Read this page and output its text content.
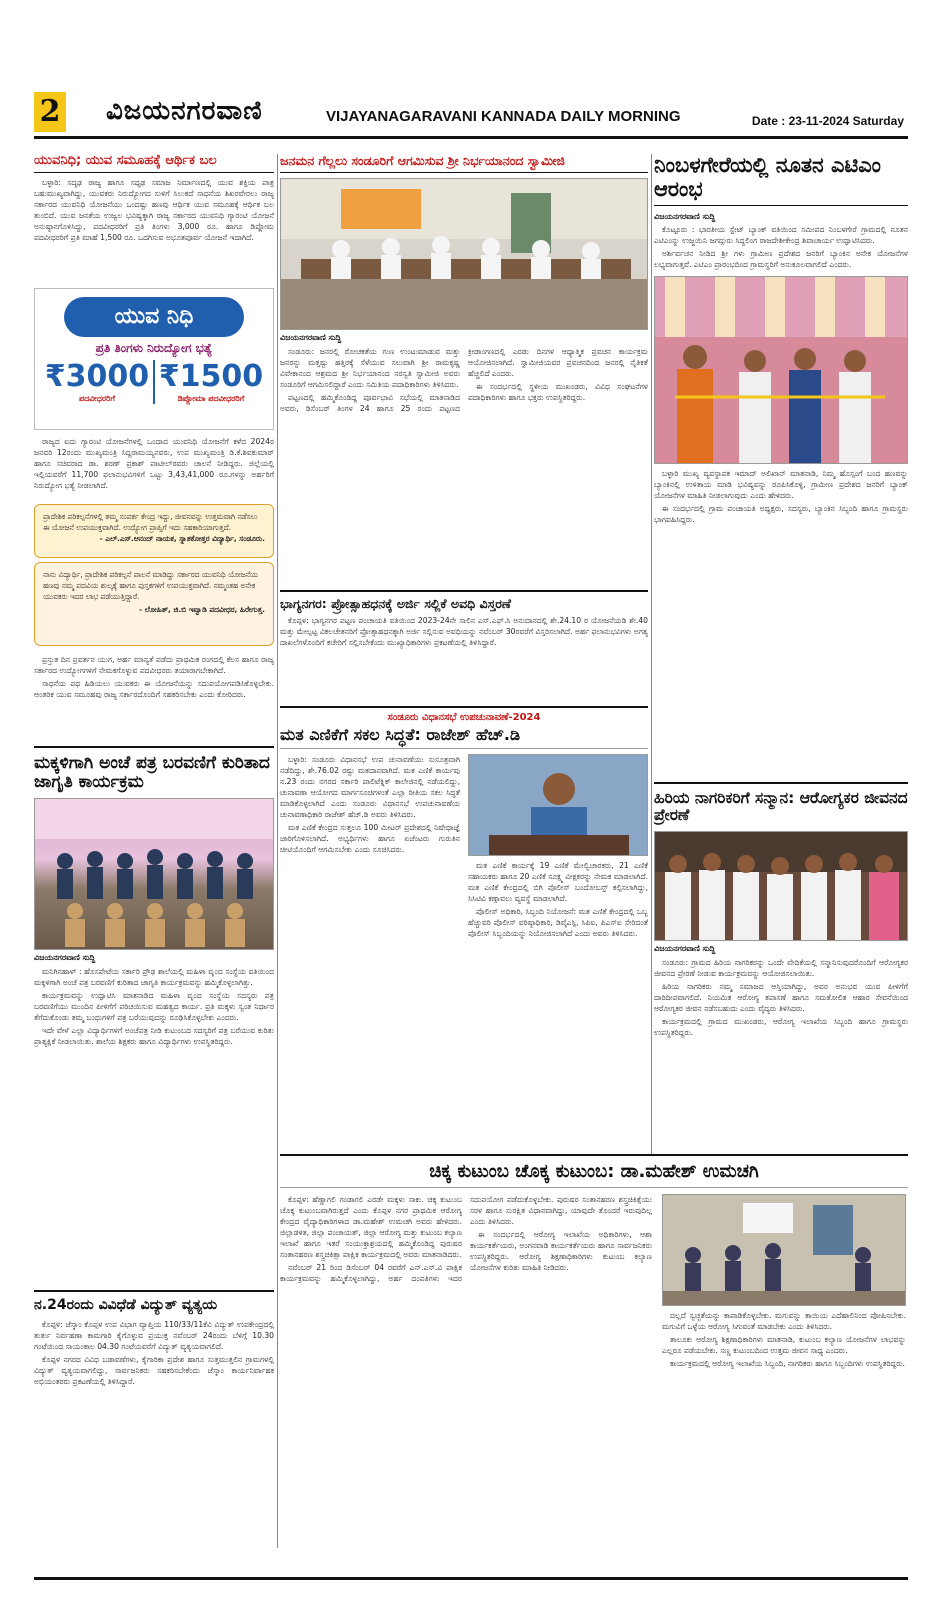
2 ವಿಜಯನಗರವಾಣಿ	VIJAYANAGARAVANI KANNADA DAILY MORNING	Date : 23-11-2024 Saturday
ಯುವನಿಧಿ; ಯುವ ಸಮೂಹಕ್ಕೆ ಆರ್ಥಿಕ ಬಲ

ಬಳ್ಳಾರಿ: ಸದೃಢ ರಾಜ್ಯ ಹಾಗೂ ಸಧೃಢ ಸಮಾಜ ನಿರ್ಮಾಣದಲ್ಲಿ ಯುವ ಶಕ್ತಿಯ ಪಾತ್ರ ಬಹುಮುಖ್ಯವಾಗಿದ್ದು, ಯುವಕರು ನಿರುದ್ಯೋಗದ ಸುಳಿಗೆ ಸಿಲುಕದೆ ಸಾಧನೆಯ ಶಿಖರವೇರಲು ರಾಜ್ಯ ಸರ್ಕಾರದ ಯುವನಿಧಿ ಯೋಜನೆಯು ಒಂದಷ್ಟು ಹಣವು ಆರ್ಥಿಕ ಯುವ ಸಮೂಹಕ್ಕೆ ಆರ್ಥಿಕ ಬಲ ತುಂಬಿದೆ. ಯುವ ಜನತೆಯ ಉಜ್ವಲ ಭವಿಷ್ಯಕ್ಕಾಗಿ ರಾಜ್ಯ ಸರ್ಕಾರದ ಯುವನಿಧಿ ಗ್ಯಾರಂಟಿ ಯೋಜನೆ ಅನುಷ್ಠಾನಗೊಳಿಸಿದ್ದು, ಪದವೀಧರರಿಗೆ ಪ್ರತಿ ತಿಂಗಳು 3,000 ರೂ. ಹಾಗೂ ಡಿಪ್ಲೋಮ ಪದವೀಧರರಿಗೆ ಪ್ರತಿ ಮಾಹೆ 1,500 ರೂ. ಒದಗಿಸುವ ಅಭೂತಪೂರ್ವ ಯೋಜನೆ ಇದಾಗಿದೆ.

ಯುವ ನಿಧಿ
ಪ್ರತಿ ತಿಂಗಳು ನಿರುದ್ಯೋಗ ಭತ್ಯೆ
₹3000
ಪದವೀಧರರಿಗೆ
₹1500
ಡಿಪ್ಲೋಮಾ ಪದವೀಧರರಿಗೆ

ರಾಜ್ಯದ ಐದು ಗ್ಯಾರಂಟಿ ಯೋಜನೆಗಳಲ್ಲಿ ಒಂದಾದ ಯುವನಿಧಿ ಯೋಜನೆಗೆ ಕಳೆದ 2024ರ ಜನವರಿ 12ರಂದು ಮುಖ್ಯಮಂತ್ರಿ ಸಿದ್ದರಾಮಯ್ಯನವರು, ಉಪ ಮುಖ್ಯಮಂತ್ರಿ ಡಿ.ಕೆ.ಶಿವಕುಮಾರ್ ಹಾಗೂ ಸಚಿವರಾದ ಡಾ. ಶರಣ್ ಪ್ರಕಾಶ್ ಪಾಟೀಲ್‌ರವರು ಚಾಲನೆ ನೀಡಿದ್ದರು. ಜಿಲ್ಲೆಯಲ್ಲಿ ಇಲ್ಲಿಯವರೆಗೆ 11,700 ಫಲಾನುಭವಿಗಳಿಗೆ ಒಟ್ಟು 3,43,41,000 ರೂ.ಗಳನ್ನು ಅರ್ಹರಿಗೆ ನಿರುದ್ಯೋಗ ಭತ್ಯೆ ನೀಡಲಾಗಿದೆ.

ಪ್ರಾದೇಶಿಕ ಪರಿಕಲ್ಪನೆಗಳಲ್ಲಿ ತಮ್ಮ ಸಂಪರ್ಕ ಕೇಂದ್ರ ಇದ್ದು, ಜೀವನವನ್ನು ಉತ್ತಮವಾಗಿ ನಡೆಸಲು ಈ ಯೋಜನೆ ಉಪಯುಕ್ತವಾಗಿದೆ. ಉದ್ಯೋಗ ಪ್ರಾಪ್ತಿಗೆ ಇದು ಸಹಕಾರಿಯಾಗುತ್ತದೆ.
- ಎಲ್.ಎಸ್.ಆನಂದ್ ನಾಯಕ, ಸ್ನಾತಕೋತ್ತರ ವಿದ್ಯಾರ್ಥಿ, ಸಂಡೂರು.
ನಾನು ವಿದ್ಯಾರ್ಥಿ, ಪ್ರಾದೇಶಿಕ ಪರಿಕಲ್ಪನೆ ಪಾಲನೆ ಮಾಡಿದ್ದು ಸರ್ಕಾರದ ಯುವನಿಧಿ ಯೋಜನೆಯ ಹಣವು ನಮ್ಮ ಪದವಿಯ ಶುಲ್ಕಕ್ಕೆ ಹಾಗೂ ಪುಸ್ತಕಗಳಿಗೆ ಉಪಯುಕ್ತವಾಗಿದೆ. ನಮ್ಮಂತಹ ಅನೇಕ ಯುವಕರು ಇದರ ಲಾಭ ಪಡೆಯುತ್ತಿದ್ದಾರೆ.
- ಲೋಹಿತ್, ಜಿ.ಬಿ ಇವ್ವಾಡಿ ಪದವೀಧರ, ಹಿರೇಗುತ್ತ.

ಪ್ರಸ್ತುತ ದಿನ ಪ್ರವರ್ತನ ಯುಗ, ಅರ್ಹ ಮಾನ್ಯತೆ ಪಡೆದು ಪ್ರಾಥಮಿಕ ರಂಗದಲ್ಲಿ ಕೆಲಸ ಹಾಗೂ ರಾಜ್ಯ ಸರ್ಕಾರದ ಉದ್ಯೋಗಗಳಿಗೆ ನೇಮಕಗೊಳ್ಳುವ ಪದವೀಧರರು ತಯಾರಾಗಬೇಕಾಗಿದೆ.

ಸಾಧನೆಯ ಪಥ ಹಿಡಿಯಲು ಯುವಕರು ಈ ಯೋಜನೆಯನ್ನು ಸದುಪಯೋಗಪಡಿಸಿಕೊಳ್ಳಬೇಕು. ಆಂತರಿಕ ಯುವ ಸಮೂಹವು ರಾಜ್ಯ ಸರ್ಕಾರದೊಂದಿಗೆ ಸಹಕರಿಸಬೇಕು ಎಂದು ಕೋರಿದರು.

ಮಕ್ಕಳಿಗಾಗಿ ಅಂಚೆ ಪತ್ರ ಬರವಣಿಗೆ ಕುರಿತಾದ ಜಾಗೃತಿ ಕಾರ್ಯಕ್ರಮ
ವಿಜಯನಗರವಾಣಿ ಸುದ್ದಿ

ಮನಿಗಿನಹಾಳ್ : ಹೊಸಪೇಟೆಯ ಸರ್ಕಾರಿ ಪ್ರೌಢ ಶಾಲೆಯಲ್ಲಿ ಮಹಿಳಾ ವೃಂದ ಸಂಸ್ಥೆಯ ವತಿಯಿಂದ ಮಕ್ಕಳಿಗಾಗಿ ಅಂಚೆ ಪತ್ರ ಬರವಣಿಗೆ ಕುರಿತಾದ ಜಾಗೃತಿ ಕಾರ್ಯಕ್ರಮವನ್ನು ಹಮ್ಮಿಕೊಳ್ಳಲಾಗಿತ್ತು.

ಕಾರ್ಯಕ್ರಮವನ್ನು ಉದ್ಘಾಟಿಸಿ ಮಾತನಾಡಿದ ಮಹಿಳಾ ವೃಂದ ಸಂಸ್ಥೆಯ ಸದಸ್ಯರು ಪತ್ರ ಬರವಣಿಗೆಯು ಮುಂದಿನ ಪೀಳಿಗೆಗೆ ಪರಿಚಯಿಸುವ ಮಹತ್ವದ ಕಾರ್ಯ. ಪ್ರತಿ ಮಕ್ಕಳು ಸ್ವಂತ ನಿರ್ಧಾರ ತೆಗೆದುಕೊಂಡು ತಮ್ಮ ಬಂಧುಗಳಿಗೆ ಪತ್ರ ಬರೆಯುವುದನ್ನು ರೂಢಿಸಿಕೊಳ್ಳಬೇಕು ಎಂದರು.

ಇದೇ ವೇಳೆ ಎಲ್ಲಾ ವಿದ್ಯಾರ್ಥಿಗಳಿಗೆ ಅಂಚೆಪತ್ರ ನೀಡಿ ಕುಟುಂಬದ ಸದಸ್ಯರಿಗೆ ಪತ್ರ ಬರೆಯುವ ಕುರಿತು ಪ್ರಾತ್ಯಕ್ಷಿಕೆ ನೀಡಲಾಯಿತು. ಶಾಲೆಯ ಶಿಕ್ಷಕರು ಹಾಗೂ ವಿದ್ಯಾರ್ಥಿಗಳು ಉಪಸ್ಥಿತರಿದ್ದರು.

ನ.24ರಂದು ವಿವಿಧೆಡೆ ವಿದ್ಯುತ್ ವ್ಯತ್ಯಯ

ಕೊಪ್ಪಳ: ಜೆಸ್ಕಾಂ ಕೊಪ್ಪಳ ಉಪ ವಿಭಾಗ ವ್ಯಾಪ್ತಿಯ 110/33/11ಕೆವಿ ವಿದ್ಯುತ್ ಉಪಕೇಂದ್ರದಲ್ಲಿ ತುರ್ತು ನಿರ್ವಹಣಾ ಕಾಮಗಾರಿ ಕೈಗೊಳ್ಳುವ ಪ್ರಯುಕ್ತ ನವೆಂಬರ್ 24ರಂದು ಬೆಳಿಗ್ಗೆ 10.30 ಗಂಟೆಯಿಂದ ಸಾಯಂಕಾಲ 04.30 ಗಂಟೆಯವರೆಗೆ ವಿದ್ಯುತ್ ವ್ಯತ್ಯಯವಾಗಲಿದೆ.

ಕೊಪ್ಪಳ ನಗರದ ವಿವಿಧ ಬಡಾವಣೆಗಳು, ಕೈಗಾರಿಕಾ ಪ್ರದೇಶ ಹಾಗೂ ಸುತ್ತಮುತ್ತಲಿನ ಗ್ರಾಮಗಳಲ್ಲಿ ವಿದ್ಯುತ್ ವ್ಯತ್ಯಯವಾಗಲಿದ್ದು, ಸಾರ್ವಜನಿಕರು ಸಹಕರಿಸಬೇಕೆಂದು ಜೆಸ್ಕಾಂ ಕಾರ್ಯನಿರ್ವಾಹಕ ಅಭಿಯಂತರರು ಪ್ರಕಟಣೆಯಲ್ಲಿ ತಿಳಿಸಿದ್ದಾರೆ.

ಜನಮನ ಗೆಲ್ಲಲು ಸಂಡೂರಿಗೆ ಆಗಮಿಸುವ ಶ್ರೀ ನಿರ್ಭಯಾನಂದ ಸ್ವಾಮೀಜಿ
ವಿಜಯನಗರವಾಣಿ ಸುದ್ದಿ

ಸಂಡೂರು: ಜನರಲ್ಲಿ ರೋಚಕತೆಯ ಗುಣ ಉಂಟುಮಾಡುವ ಮತ್ತು ಜನರನ್ನು ಮತ್ತಷ್ಟು ಹತ್ತಿರಕ್ಕೆ ಸೆಳೆಯುವ ಸಲುವಾಗಿ ಶ್ರೀ ರಾಮಕೃಷ್ಣ ವಿವೇಕಾನಂದ ಆಶ್ರಮದ ಶ್ರೀ ನಿರ್ಭಯಾನಂದ ಸರಸ್ವತಿ ಸ್ವಾಮೀಜಿ ಅವರು ಸಂಡೂರಿಗೆ ಆಗಮಿಸಲಿದ್ದಾರೆ ಎಂದು ಸಮಿತಿಯ ಪದಾಧಿಕಾರಿಗಳು ತಿಳಿಸಿದರು.

ಪಟ್ಟಣದಲ್ಲಿ ಹಮ್ಮಿಕೊಂಡಿದ್ದ ಪೂರ್ವಭಾವಿ ಸಭೆಯಲ್ಲಿ ಮಾತನಾಡಿದ ಅವರು, ಡಿಸೆಂಬರ್ ತಿಂಗಳ 24 ಹಾಗೂ 25 ರಂದು ಪಟ್ಟಣದ ಕ್ರೀಡಾಂಗಣದಲ್ಲಿ ಎರಡು ದಿನಗಳ ಆಧ್ಯಾತ್ಮಿಕ ಪ್ರವಚನ ಕಾರ್ಯಕ್ರಮ ಆಯೋಜಿಸಲಾಗಿದೆ. ಸ್ವಾಮೀಜಿಯವರ ಪ್ರವಚನದಿಂದ ಜನರಲ್ಲಿ ನೈತಿಕತೆ ಹೆಚ್ಚಲಿದೆ ಎಂದರು.

ಈ ಸಂದರ್ಭದಲ್ಲಿ ಸ್ಥಳೀಯ ಮುಖಂಡರು, ವಿವಿಧ ಸಂಘಟನೆಗಳ ಪದಾಧಿಕಾರಿಗಳು ಹಾಗೂ ಭಕ್ತರು ಉಪಸ್ಥಿತರಿದ್ದರು.

ಭಾಗ್ಯನಗರ: ಪ್ರೋತ್ಸಾಹಧನಕ್ಕೆ ಅರ್ಜಿ ಸಲ್ಲಿಕೆ ಅವಧಿ ವಿಸ್ತರಣೆ

ಕೊಪ್ಪಳ: ಭಾಗ್ಯನಗರ ಪಟ್ಟಣ ಪಂಚಾಯತಿ ವತಿಯಿಂದ 2023-24ನೇ ಸಾಲಿನ ಎಸ್.ಎಫ್.ಸಿ ಅನುದಾನದಲ್ಲಿ ಶೇ.24.10 ರ ಯೋಜನೆಯಡಿ ಶೇ.40 ಮತ್ತು ಮೇಲ್ಪಟ್ಟ ವಿಕಲಚೇತನರಿಗೆ ಪ್ರೋತ್ಸಾಹಧನಕ್ಕಾಗಿ ಅರ್ಜಿ ಸಲ್ಲಿಸುವ ಅವಧಿಯನ್ನು ನವೆಂಬರ್ 30ರವರೆಗೆ ವಿಸ್ತರಿಸಲಾಗಿದೆ. ಅರ್ಹ ಫಲಾನುಭವಿಗಳು ಅಗತ್ಯ ದಾಖಲೆಗಳೊಂದಿಗೆ ಕಚೇರಿಗೆ ಸಲ್ಲಿಸಬೇಕೆಂದು ಮುಖ್ಯಾಧಿಕಾರಿಗಳು ಪ್ರಕಟಣೆಯಲ್ಲಿ ತಿಳಿಸಿದ್ದಾರೆ.

ಸಂಡೂರು ವಿಧಾನಸಭೆ ಉಪಚುನಾವಣೆ-2024
ಮತ ಎಣಿಕೆಗೆ ಸಕಲ ಸಿದ್ಧತೆ: ರಾಜೇಶ್ ಹೆಚ್.ಡಿ

ಬಳ್ಳಾರಿ: ಸಂಡೂರು ವಿಧಾನಸಭೆ ಉಪ ಚುನಾವಣೆಯು ಸುಸೂತ್ರವಾಗಿ ನಡೆದಿದ್ದು, ಶೇ.76.02 ರಷ್ಟು ಮತದಾನವಾಗಿದೆ. ಮತ ಎಣಿಕೆ ಕಾರ್ಯವು ನ.23 ರಂದು ನಗರದ ಸರ್ಕಾರಿ ಪಾಲಿಟೆಕ್ನಿಕ್ ಕಾಲೇಜಿನಲ್ಲಿ ನಡೆಯಲಿದ್ದು, ಚುನಾವಣಾ ಆಯೋಗದ ಮಾರ್ಗಸೂಚಿಗಳಂತೆ ಎಲ್ಲಾ ರೀತಿಯ ಸಕಲ ಸಿದ್ಧತೆ ಮಾಡಿಕೊಳ್ಳಲಾಗಿದೆ ಎಂದು ಸಂಡೂರು ವಿಧಾನಸಭೆ ಉಪಚುನಾವಣೆಯ ಚುನಾವಣಾಧಿಕಾರಿ ರಾಜೇಶ್ ಹೆಚ್.ಡಿ ಅವರು ತಿಳಿಸಿದರು.

ಮತ ಎಣಿಕೆ ಕೇಂದ್ರದ ಸುತ್ತಲೂ 100 ಮೀಟರ್ ಪ್ರದೇಶದಲ್ಲಿ ನಿಷೇಧಾಜ್ಞೆ ಜಾರಿಗೊಳಿಸಲಾಗಿದೆ. ಅಭ್ಯರ್ಥಿಗಳು ಹಾಗೂ ಏಜೆಂಟರು ಗುರುತಿನ ಚೀಟಿಯೊಂದಿಗೆ ಆಗಮಿಸಬೇಕು ಎಂದು ಸೂಚಿಸಿದರು.

ಮತ ಎಣಿಕೆ ಕಾರ್ಯಕ್ಕೆ 19 ಎಣಿಕೆ ಮೇಲ್ವಿಚಾರಕರು, 21 ಎಣಿಕೆ ಸಹಾಯಕರು ಹಾಗೂ 20 ಎಣಿಕೆ ಸೂಕ್ಷ್ಮ ವೀಕ್ಷಕರನ್ನು ನೇಮಕ ಮಾಡಲಾಗಿದೆ. ಮತ ಎಣಿಕೆ ಕೇಂದ್ರದಲ್ಲಿ ಬಿಗಿ ಪೊಲೀಸ್ ಬಂದೋಬಸ್ತ್ ಕಲ್ಪಿಸಲಾಗಿದ್ದು, ಸಿಸಿಟಿವಿ ಕಣ್ಗಾವಲು ವ್ಯವಸ್ಥೆ ಮಾಡಲಾಗಿದೆ.

ಪೊಲೀಸ್ ಅಧಿಕಾರಿ, ಸಿಬ್ಬಂದಿ ನಿಯೋಜನೆ: ಮತ ಎಣಿಕೆ ಕೇಂದ್ರದಲ್ಲಿ ಒಬ್ಬ ಹೆಚ್ಚುವರಿ ಪೊಲೀಸ್ ವರಿಷ್ಠಾಧಿಕಾರಿ, ಡಿವೈಎಸ್ಪಿ, ಸಿಪಿಐ, ಪಿಎಸ್ಐ ಸೇರಿದಂತೆ ಪೊಲೀಸ್ ಸಿಬ್ಬಂದಿಯನ್ನು ನಿಯೋಜಿಸಲಾಗಿದೆ ಎಂದು ಅವರು ತಿಳಿಸಿದರು.

ನಿಂಬಳಗೇರೆಯಲ್ಲಿ ನೂತನ ಎಟಿಎಂ ಆರಂಭ
ವಿಜಯನಗರವಾಣಿ ಸುದ್ದಿ

ಕೊಟ್ಟೂರು : ಭಾರತೀಯ ಸ್ಟೇಟ್ ಬ್ಯಾಂಕ್ ವತಿಯಿಂದ ಸಮೀಪದ ನಿಂಬಳಗೇರೆ ಗ್ರಾಮದಲ್ಲಿ ನೂತನ ಎಟಿಎಂನ್ನು ಉಜ್ಜಯಿನಿ ಜಗದ್ಗುರು ಸಿದ್ಧಲಿಂಗ ರಾಜದೇಶೀಕೇಂದ್ರ ಶಿವಾಚಾರ್ಯ ಉದ್ಘಾಟಿಸಿದರು.

ಅರ್ಶಿರ್ವಚನ ನೀಡಿದ ಶ್ರೀ ಗಳು ಗ್ರಾಮೀಣ ಪ್ರದೇಶದ ಜನರಿಗೆ ಬ್ಯಾಂಕಿನ ಅನೇಕ ಯೋಜನೆಗಳ ಲಭ್ಯವಾಗುತ್ತವೆ. ಎಟಿಎಂ ಪ್ರಾರಂಭದಿಂದ ಗ್ರಾಮಸ್ಥರಿಗೆ ಅನುಕೂಲವಾಗಲಿದೆ ಎಂದರು.

ಬಳ್ಳಾರಿ ಮುಖ್ಯ ವ್ಯವಸ್ಥಾಪಕ ಇಮಾದ್ ಅಲಿಖಾನ್ ಮಾತನಾಡಿ, ನಿಮ್ಮ ಹೊಸ್ಸಂಗೆ ಬಂದ ಹಣವನ್ನು ಬ್ಯಾಂಕಿನಲ್ಲಿ ಉಳಿತಾಯ ಮಾಡಿ ಭವಿಷ್ಯವನ್ನು ರೂಪಿಸಿಕೊಳ್ಳಿ, ಗ್ರಾಮೀಣ ಪ್ರದೇಶದ ಜನರಿಗೆ ಬ್ಯಾಂಕ್ ಯೋಜನೆಗಳ ಮಾಹಿತಿ ನೀಡಲಾಗುವುದು ಎಂದು ಹೇಳಿದರು.

ಈ ಸಂದರ್ಭದಲ್ಲಿ ಗ್ರಾಮ ಪಂಚಾಯತಿ ಅಧ್ಯಕ್ಷರು, ಸದಸ್ಯರು, ಬ್ಯಾಂಕಿನ ಸಿಬ್ಬಂದಿ ಹಾಗೂ ಗ್ರಾಮಸ್ಥರು ಭಾಗವಹಿಸಿದ್ದರು.

ಹಿರಿಯ ನಾಗರಿಕರಿಗೆ ಸನ್ಮಾನ: ಆರೋಗ್ಯಕರ ಜೀವನದ ಪ್ರೇರಣೆ
ವಿಜಯನಗರವಾಣಿ ಸುದ್ದಿ

ಸಂಡೂರು: ಗ್ರಾಮದ ಹಿರಿಯ ನಾಗರಿಕರನ್ನು ಒಂದೇ ವೇದಿಕೆಯಲ್ಲಿ ಸನ್ಮಾನಿಸುವುದರೊಂದಿಗೆ ಆರೋಗ್ಯಕರ ಜೀವನದ ಪ್ರೇರಣೆ ನೀಡುವ ಕಾರ್ಯಕ್ರಮವನ್ನು ಆಯೋಜಿಸಲಾಯಿತು.

ಹಿರಿಯ ನಾಗರಿಕರು ನಮ್ಮ ಸಮಾಜದ ಆಸ್ತಿಯಾಗಿದ್ದು, ಅವರ ಅನುಭವ ಯುವ ಪೀಳಿಗೆಗೆ ದಾರಿದೀಪವಾಗಲಿದೆ. ನಿಯಮಿತ ಆರೋಗ್ಯ ತಪಾಸಣೆ ಹಾಗೂ ಸಮತೋಲಿತ ಆಹಾರ ಸೇವನೆಯಿಂದ ಆರೋಗ್ಯಕರ ಜೀವನ ನಡೆಸಬಹುದು ಎಂದು ವೈದ್ಯರು ತಿಳಿಸಿದರು.

ಕಾರ್ಯಕ್ರಮದಲ್ಲಿ ಗ್ರಾಮದ ಮುಖಂಡರು, ಆರೋಗ್ಯ ಇಲಾಖೆಯ ಸಿಬ್ಬಂದಿ ಹಾಗೂ ಗ್ರಾಮಸ್ಥರು ಉಪಸ್ಥಿತರಿದ್ದರು.

ಚಿಕ್ಕ ಕುಟುಂಬ ಚೊಕ್ಕ ಕುಟುಂಬ: ಡಾ.ಮಹೇಶ್ ಉಮಚಗಿ

ಕೊಪ್ಪಳ: ಹೆಣ್ಣಾಗಲಿ ಗಂಡಾಗಲಿ ಎರಡೇ ಮಕ್ಕಳು ಸಾಕು. ಚಿಕ್ಕ ಕುಟುಂಬ ಚೊಕ್ಕ ಕುಟುಂಬವಾಗಿರುತ್ತದೆ ಎಂದು ಕೊಪ್ಪಳ ನಗರ ಪ್ರಾಥಮಿಕ ಆರೋಗ್ಯ ಕೇಂದ್ರದ ವೈದ್ಯಾಧಿಕಾರಿಗಳಾದ ಡಾ.ಮಹೇಶ್ ಉಮಚಗಿ ಅವರು ಹೇಳಿದರು. ಜಿಲ್ಲಾಡಳಿತ, ಜಿಲ್ಲಾ ಪಂಚಾಯತ್, ಜಿಲ್ಲಾ ಆರೋಗ್ಯ ಮತ್ತು ಕುಟುಂಬ ಕಲ್ಯಾಣ ಇಲಾಖೆ ಹಾಗೂ ಇತರೆ ಸಂಯುಕ್ತಾಶ್ರಯದಲ್ಲಿ ಹಮ್ಮಿಕೊಂಡಿದ್ದ ಪುರುಷರ ಸಂತಾನಹರಣ ಶಸ್ತ್ರಚಿಕಿತ್ಸಾ ಪಾಕ್ಷಿಕ ಕಾರ್ಯಕ್ರಮದಲ್ಲಿ ಅವರು ಮಾತನಾಡಿದರು.

ನವೆಂಬರ್ 21 ರಿಂದ ಡಿಸೆಂಬರ್ 04 ರವರೆಗೆ ಎನ್.ಎಸ್.ವಿ ಪಾಕ್ಷಿಕ ಕಾರ್ಯಕ್ರಮವನ್ನು ಹಮ್ಮಿಕೊಳ್ಳಲಾಗಿದ್ದು, ಅರ್ಹ ದಂಪತಿಗಳು ಇದರ ಸದುಪಯೋಗ ಪಡೆದುಕೊಳ್ಳಬೇಕು. ಪುರುಷರ ಸಂತಾನಹರಣ ಶಸ್ತ್ರಚಿಕಿತ್ಸೆಯು ಸರಳ ಹಾಗೂ ಸುರಕ್ಷಿತ ವಿಧಾನವಾಗಿದ್ದು, ಯಾವುದೇ ತೊಂದರೆ ಇರುವುದಿಲ್ಲ ಎಂದು ತಿಳಿಸಿದರು.

ಈ ಸಂದರ್ಭದಲ್ಲಿ ಆರೋಗ್ಯ ಇಲಾಖೆಯ ಅಧಿಕಾರಿಗಳು, ಆಶಾ ಕಾರ್ಯಕರ್ತೆಯರು, ಅಂಗನವಾಡಿ ಕಾರ್ಯಕರ್ತೆಯರು ಹಾಗೂ ಸಾರ್ವಜನಿಕರು ಉಪಸ್ಥಿತರಿದ್ದರು. ಆರೋಗ್ಯ ಶಿಕ್ಷಣಾಧಿಕಾರಿಗಳು ಕುಟುಂಬ ಕಲ್ಯಾಣ ಯೋಜನೆಗಳ ಕುರಿತು ಮಾಹಿತಿ ನೀಡಿದರು.

ದಲ್ಲದೆ ಸ್ವಚ್ಛತೆಯನ್ನು ಕಾಪಾಡಿಕೊಳ್ಳಬೇಕು. ಮಗುವನ್ನು ತಾಯಿಯ ಎದೆಹಾಲಿನಿಂದ ಪೋಷಿಸಬೇಕು. ಮಗುವಿಗೆ ಒಳ್ಳೆಯ ಆರೋಗ್ಯ ಸಿಗುವಂತೆ ಮಾಡಬೇಕು ಎಂದು ತಿಳಿಸಿದರು.

ತಾಲೂಕು ಆರೋಗ್ಯ ಶಿಕ್ಷಣಾಧಿಕಾರಿಗಳು ಮಾತನಾಡಿ, ಕುಟುಂಬ ಕಲ್ಯಾಣ ಯೋಜನೆಗಳ ಲಾಭವನ್ನು ಎಲ್ಲರೂ ಪಡೆಯಬೇಕು. ಸಣ್ಣ ಕುಟುಂಬದಿಂದ ಉತ್ತಮ ಜೀವನ ಸಾಧ್ಯ ಎಂದರು.

ಕಾರ್ಯಕ್ರಮದಲ್ಲಿ ಆರೋಗ್ಯ ಇಲಾಖೆಯ ಸಿಬ್ಬಂದಿ, ನಾಗರಿಕರು ಹಾಗೂ ಸಿಬ್ಬಂದಿಗಳು ಉಪಸ್ಥಿತರಿದ್ದರು.
